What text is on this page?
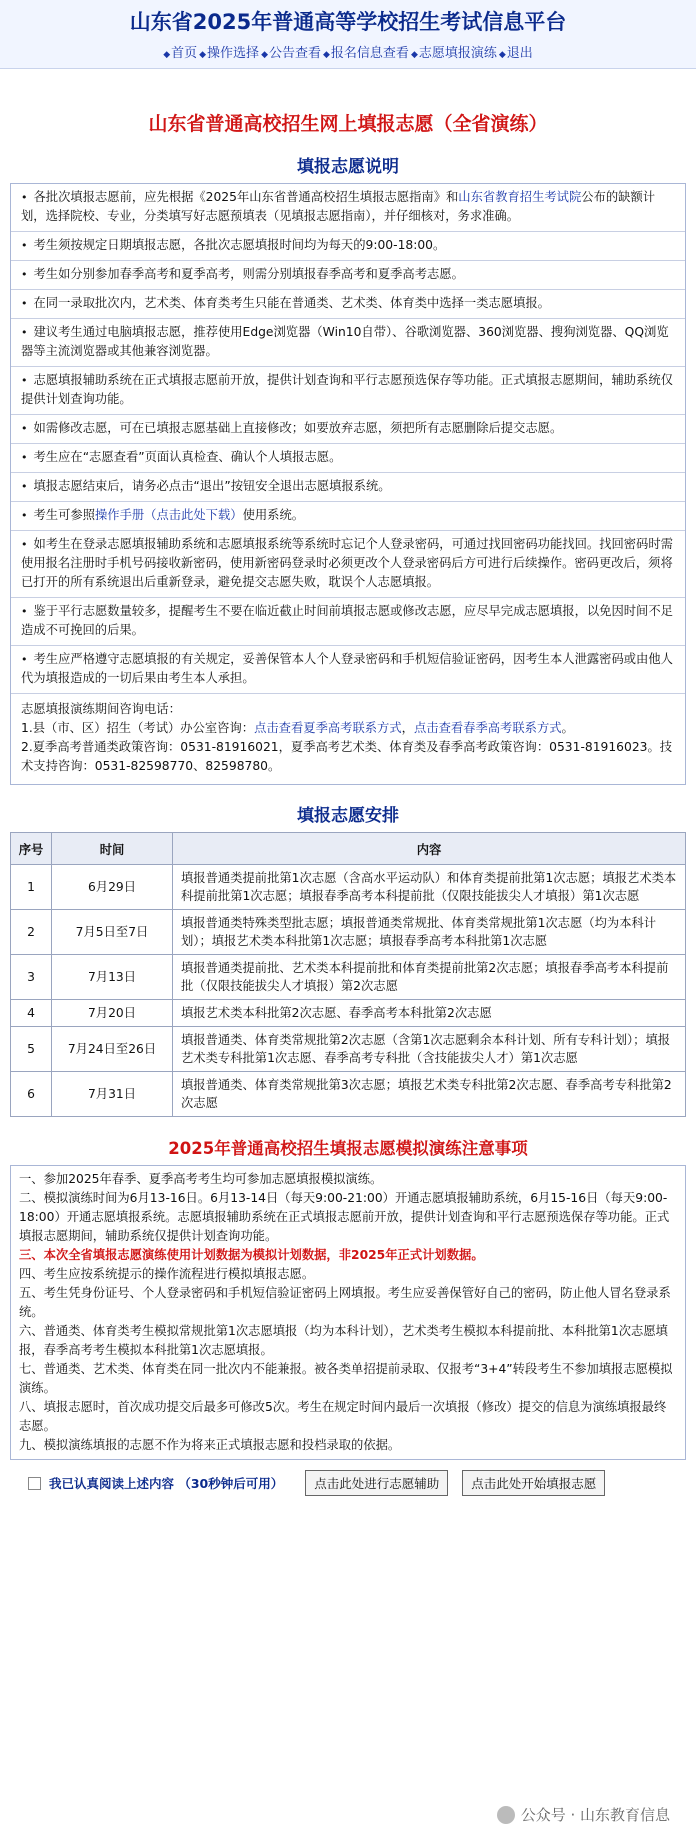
山东省2025年普通高等学校招生考试信息平台
◆首页 ◆操作选择 ◆公告查看 ◆报名信息查看 ◆志愿填报演练 ◆退出
山东省普通高校招生网上填报志愿（全省演练）
填报志愿说明
• 各批次填报志愿前，应先根据《2025年山东省普通高校招生填报志愿指南》和山东省教育招生考试院公布的缺额计划，选择院校、专业，分类填写好志愿预填表（见填报志愿指南），并仔细核对，务求准确。
• 考生须按规定日期填报志愿，各批次志愿填报时间均为每天的9:00-18:00。
• 考生如分别参加春季高考和夏季高考，则需分别填报春季高考和夏季高考志愿。
• 在同一录取批次内，艺术类、体育类考生只能在普通类、艺术类、体育类中选择一类志愿填报。
• 建议考生通过电脑填报志愿，推荐使用Edge浏览器（Win10自带）、谷歌浏览器、360浏览器、搜狗浏览器、QQ浏览器等主流浏览器或其他兼容浏览器。
• 志愿填报辅助系统在正式填报志愿前开放，提供计划查询和平行志愿预选保存等功能。正式填报志愿期间，辅助系统仅提供计划查询功能。
• 如需修改志愿，可在已填报志愿基础上直接修改；如要放弃志愿，须把所有志愿删除后提交志愿。
• 考生应在“志愿查看”页面认真检查、确认个人填报志愿。
• 填报志愿结束后，请务必点击“退出”按钮安全退出志愿填报系统。
• 考生可参照操作手册（点击此处下载）使用系统。
• 如考生在登录志愿填报辅助系统和志愿填报系统等系统时忘记个人登录密码，可通过找回密码功能找回。找回密码时需使用报名注册时手机号码接收新密码，使用新密码登录时必须更改个人登录密码后方可进行后续操作。密码更改后，须将已打开的所有系统退出后重新登录，避免提交志愿失败，耽误个人志愿填报。
• 鉴于平行志愿数量较多，提醒考生不要在临近截止时间前填报志愿或修改志愿，应尽早完成志愿填报，以免因时间不足造成不可挽回的后果。
• 考生应严格遵守志愿填报的有关规定，妥善保管本人个人登录密码和手机短信验证密码，因考生本人泄露密码或由他人代为填报造成的一切后果由考生本人承担。
志愿填报演练期间咨询电话：
1.县（市、区）招生（考试）办公室咨询：点击查看夏季高考联系方式，点击查看春季高考联系方式。
2.夏季高考普通类政策咨询：0531-81916021，夏季高考艺术类、体育类及春季高考政策咨询：0531-81916023。技术支持咨询：0531-82598770、82598780。
填报志愿安排
序号	时间	内容
1	6月29日	填报普通类提前批第1次志愿（含高水平运动队）和体育类提前批第1次志愿；填报艺术类本科提前批第1次志愿；填报春季高考本科提前批（仅限技能拔尖人才填报）第1次志愿
2	7月5日至7日	填报普通类特殊类型批志愿；填报普通类常规批、体育类常规批第1次志愿（均为本科计划）；填报艺术类本科批第1次志愿；填报春季高考本科批第1次志愿
3	7月13日	填报普通类提前批、艺术类本科提前批和体育类提前批第2次志愿；填报春季高考本科提前批（仅限技能拔尖人才填报）第2次志愿
4	7月20日	填报艺术类本科批第2次志愿、春季高考本科批第2次志愿
5	7月24日至26日	填报普通类、体育类常规批第2次志愿（含第1次志愿剩余本科计划、所有专科计划）；填报艺术类专科批第1次志愿、春季高考专科批（含技能拔尖人才）第1次志愿
6	7月31日	填报普通类、体育类常规批第3次志愿；填报艺术类专科批第2次志愿、春季高考专科批第2次志愿
2025年普通高校招生填报志愿模拟演练注意事项
一、参加2025年春季、夏季高考考生均可参加志愿填报模拟演练。
二、模拟演练时间为6月13-16日。6月13-14日（每天9:00-21:00）开通志愿填报辅助系统，6月15-16日（每天9:00-18:00）开通志愿填报系统。志愿填报辅助系统在正式填报志愿前开放，提供计划查询和平行志愿预选保存等功能。正式填报志愿期间，辅助系统仅提供计划查询功能。
三、本次全省填报志愿演练使用计划数据为模拟计划数据，非2025年正式计划数据。
四、考生应按系统提示的操作流程进行模拟填报志愿。
五、考生凭身份证号、个人登录密码和手机短信验证密码上网填报。考生应妥善保管好自己的密码，防止他人冒名登录系统。
六、普通类、体育类考生模拟常规批第1次志愿填报（均为本科计划），艺术类考生模拟本科提前批、本科批第1次志愿填报，春季高考考生模拟本科批第1次志愿填报。
七、普通类、艺术类、体育类在同一批次内不能兼报。被各类单招提前录取、仅报考“3+4”转段考生不参加填报志愿模拟演练。
八、填报志愿时，首次成功提交后最多可修改5次。考生在规定时间内最后一次填报（修改）提交的信息为演练填报最终志愿。
九、模拟演练填报的志愿不作为将来正式填报志愿和投档录取的依据。
我已认真阅读上述内容 （30秒钟后可用）	点击此处进行志愿辅助	点击此处开始填报志愿
公众号 · 山东教育信息
